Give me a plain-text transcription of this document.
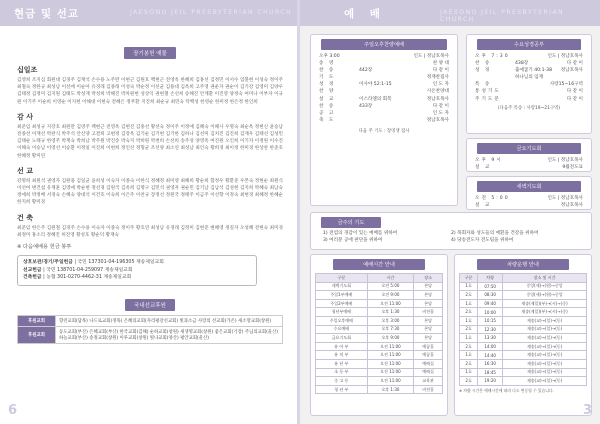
현금 및 선교	JAESONG JEIL PRESBYTERIAN CHURCH
장기봉헌 예물
십일조
김영희 조지심 회원대 김경주 김재석 손수용 노주완 이현근 김원호 백현근 전영옥 한혜희 김홍선 김정민 이서수 엄볼현 이성숙 정이주 최철숙 정한규 최성남 이선애 이순아 유경래 김종래 이성숙 박순정 이선균 김용대 김옥희 고주영 권운자 권순이 김기강 김영미 김양우 김태정 김정미 김지원 김태도 박성재 박성희 박해진 박차원현 성상익 권현철 손선희 송해진 안계환 이진영 양정숙 여미나 이부자 이규원 이기주 이순희 이영순 이지현 이해대 이현숙 전혜은 정무환 지진희 최순규 최민숙 탁백성 한영순 한미정 한은정 한인희
감 사
최준임 최성규 지강호 최원만 김영주 백현근 전영옥 김현진 김홍선 황선숙 정이주 이정애 김혜숙 이혜사 우명숙 최순옥 정현신 윤승남 전종선 이재선 박관식 박주석 안신양 고결희 고현정 김강옥 김기순 김기현 김기한 김하나 김선미 김치진 김진희 김재우 김태선 김성민 김태순 노태규 한영주 박재숙 박희남 박주원 박진송 박숙지 박희원 박천희 손선희 송주성 양영옥 여진원 오인희 이기자 이정원 이수진 이해숙 이승남 이영선 이승환 이정일 이진희 이현희 정인선 정형균 조선양 최소연 최성남 최인숙 황희경 최이정 한미경 한상찬 한준호 한혜정 황미연
선 교
강명희 최원석 권영자 김원용 김일균 윤희성 이숙자 이종숙 이한식 정혜정 최미영 최혜희 황순희 함정우 황환준 우본숙 정현순 최원식 이선여 변건섭 유재훈 김영애 박순현 정선경 김원국 김옥희 김명구 김민석 권영자 권순민 김기남 김남석 김성현 김지희 박혜숙 최남숙 정애희 박정배 서경숙 손혜숙 양대석 이건호 이숙희 이은주 이찬규 장정선 정원국 정태주 이금주 이선향 이정숙 최현경 최혜정 한혜순 한지희 황미경
건 축
최준임 한은주 김원철 김경주 손수용 이숙자 이종숙 정이주 황호연 최성남 유경래 김정미 김현준 변혜영 정길자 오성혜 전현숙 최미경 최정미 홍소리 정혜진 허진영 황성호 황순덕 황재숙
※ 다음예배용 헌금 봉투
상호보관/경기/주일헌금 | 국민 137301-04-196305 재송제일교회
선교헌금 | 국민 138701-04-259097 재송제일교회
건축헌금 | 농협 301-0270-4462-31 재송제일교회
국내선교후원
후원교회	향린교회(담목) 나드로교회(정목) 은혜의교회(자리평강선교회) 빛과소금 사랑의 선교회(가온) 새소망교회(창원)
후원교회	동도교회(부산) 은혜교회(부산) 한국교회(김해) 순하교회(창원) 새생명교회(창원) 좋은교회(기장) 주님의교회(울산) 하늘교회(부산) 송정교회(창원) 이루교회(창원) 빛나교회(양산) 평안교회(울산)
6
예 배	JAESONG JEIL PRESBYTERIAN CHURCH
주일오후찬양예배
오후 3:00	인도 | 정남호목사
송 영	찬 양 대
찬 송	442장	다 같 이
기 도	정재찬집사
성 경	이사야 52:1-15	인 도 자
찬 양	시온찬양대
설 교	이스라엘의 회복	정남호목사
찬 송	433장	다 같 이
공 고	인 도 자
축 도	정남호목사
다음 주 기도 : 장영생 집사
수요성경공부
오후 7:30	인도 | 정남호목사
찬 송	438장	다 같 이
성 경	출애굽기 40:1-38	정남호목사
하나님의 임재
특 송	사랑15~16구역
통성기도	다 같 이
주기도문	다 같 이
(다음주 특송 : 사랑19~21구역)
금요기도회
오후 9시	인도 | 정남호목사
설 교	9월전도표
새벽기도회
오전 5:00	인도 | 정남호목사
설 교	정남호목사
금주의 기도
1) 전염의 경감이 있는 예배를 위하여	2) 목회자와 성도들의 예환을 건강을 위하여
3) 여러분 공에 판단을 위하여	4) 당송전도자 전도팀을 위하여
예배시간 안내
구분	시간	장소
새벽기도회	오전 5:00	본당
주일1부예배	오전 9:00	본당
주일2부예배	오전 11:00	본당
청년부예배	오후 1:30	비전홀
주일오후예배	오후 3:00	본당
수요예배	오후 7:30	본당
금요기도회	오후 9:00	본당
유 아 부	오전 11:00	예꿈홀
유 치 부	오전 11:00	예꿈홀
유 년 부	오전 11:00	예배실
초 등 부	오전 11:00	예배실
중 고 등	오전 11:00	교육관
청 년 부	오후 1:30	비전홀
차량운행 안내
구분	차량	장소 및 시간
1호	07:50	중앙(세)→(원)→중앙
2호	08:30	중앙(세)→(원)→중앙
1호	09:40	재송(제일)(부)→(시)→(중)
2호	10:00	재송(제일)(부)→(시)→(중)
1호	10:15	재송(교)→(일)→(동)
2호	12:30	재송(교)→(일)→(동)
1호	13:30	재송(교)→(일)→(동)
2호	14:00	재송(교)→(일)→(동)
1호	14:40	재송(교)→(일)→(동)
2호	16:30	재송(교)→(일)→(동)
1호	18:45	재송(교)→(일)→(동)
2호	19:20	재송(교)→(일)→(동)
※ 차량 시간은 예배시간에 따라 다소 변동될 수 있습니다.
3
